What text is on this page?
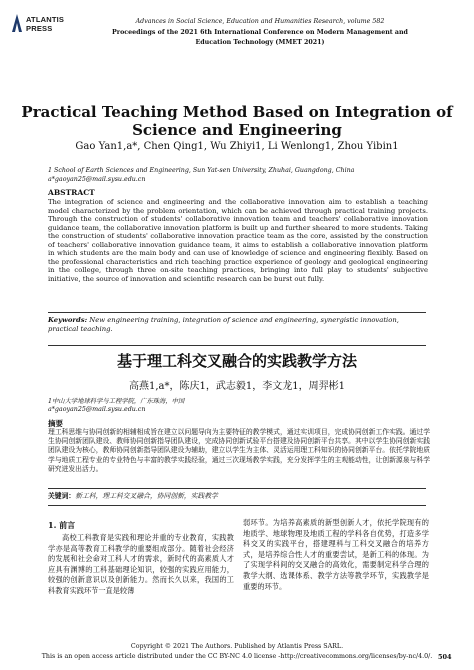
ATLANTIS
PRESS
Advances in Social Science, Education and Humanities Research, volume 582
Proceedings of the 2021 6th International Conference on Modern Management and
Education Technology (MMET 2021)
Practical Teaching Method Based on Integration of
Science and Engineering
Gao Yan1,a*, Chen Qing1, Wu Zhiyi1, Li Wenlong1, Zhou Yibin1
1 School of Earth Sciences and Engineering, Sun Yat-sen University, Zhuhai, Guangdong, China
a*gaoyan25@mail.sysu.edu.cn
ABSTRACT
The integration of science and engineering and the collaborative innovation aim to establish a teaching model characterized by the problem orientation, which can be achieved through practical training projects. Through the construction of students' collaborative innovation team and teachers' collaborative innovation guidance team, the collaborative innovation platform is built up and further sheared to more students. Taking the construction of students' collaborative innovation practice team as the core, assisted by the construction of teachers' collaborative innovation guidance team, it aims to establish a collaborative innovation platform in which students are the main body and can use of knowledge of science and engineering flexibly. Based on the professional characteristics and rich teaching practice experience of geology and geological engineering in the college, through three on-site teaching practices, bringing into full play to students' subjective initiative, the source of innovation and scientific research can be burst out fully.
Keywords: New engineering training, integration of science and engineering, synergistic innovation, practical teaching.
基于理工科交叉融合的实践教学方法
高燕1,a*，陈庆1，武志毅1，李文龙1，周羿彬1
1中山大学地球科学与工程学院，广东珠海，中国
a*gaoyan25@mail.sysu.edu.cn
摘要
理工科思维与协同创新的相辅相成旨在建立以问题导向为主要特征的教学模式，通过实训项目，完成协同创新工作实践。通过学生协同创新团队建设、教师协同创新指导团队建设，完成协同创新试验平台搭建及协同创新平台共享。其中以学生协同创新实践团队建设为核心，教师协同创新指导团队建设为辅助，建立以学生为主体、灵活运用理工科知识的协同创新平台。依托学院地质学与地质工程专业的专业特色与丰富的教学实践经验，通过三次现场教学实践，充分发挥学生的主观能动性，让创新源泉与科学研究迸发出活力。
关键词：新工科，理工科交叉融合，协同创新，实践教学
1. 前言
高校工科教育是实践和理论并重的专业教育，实践教学亦是高等教育工科教学的重要组成部分。随着社会经济的发展和社会命对工科人才的需求，新时代的高素质人才应具有渊博的工科基础理论知识，较强的实践应用能力，较强的创新意识以及创新能力。然而长久以来，我国的工科教育实践环节一直是较薄
弱环节。为培养高素质的新型创新人才，依托学院现有的地质学、地球物理及地质工程的学科各自优势，打造多学科交叉的实践平台，搭建理科与工科交叉融合的培养方式，是培养综合性人才的重要尝试，是新工科的体现。为了实现学科间的交叉融合的高效化，需要制定科学合理的教学大纲、选课体系、教学方法等教学环节，实践教学是重要的环节。
Copyright © 2021 The Authors. Published by Atlantis Press SARL.
This is an open access article distributed under the CC BY-NC 4.0 license -http://creativecommons.org/licenses/by-nc/4.0/. 504
